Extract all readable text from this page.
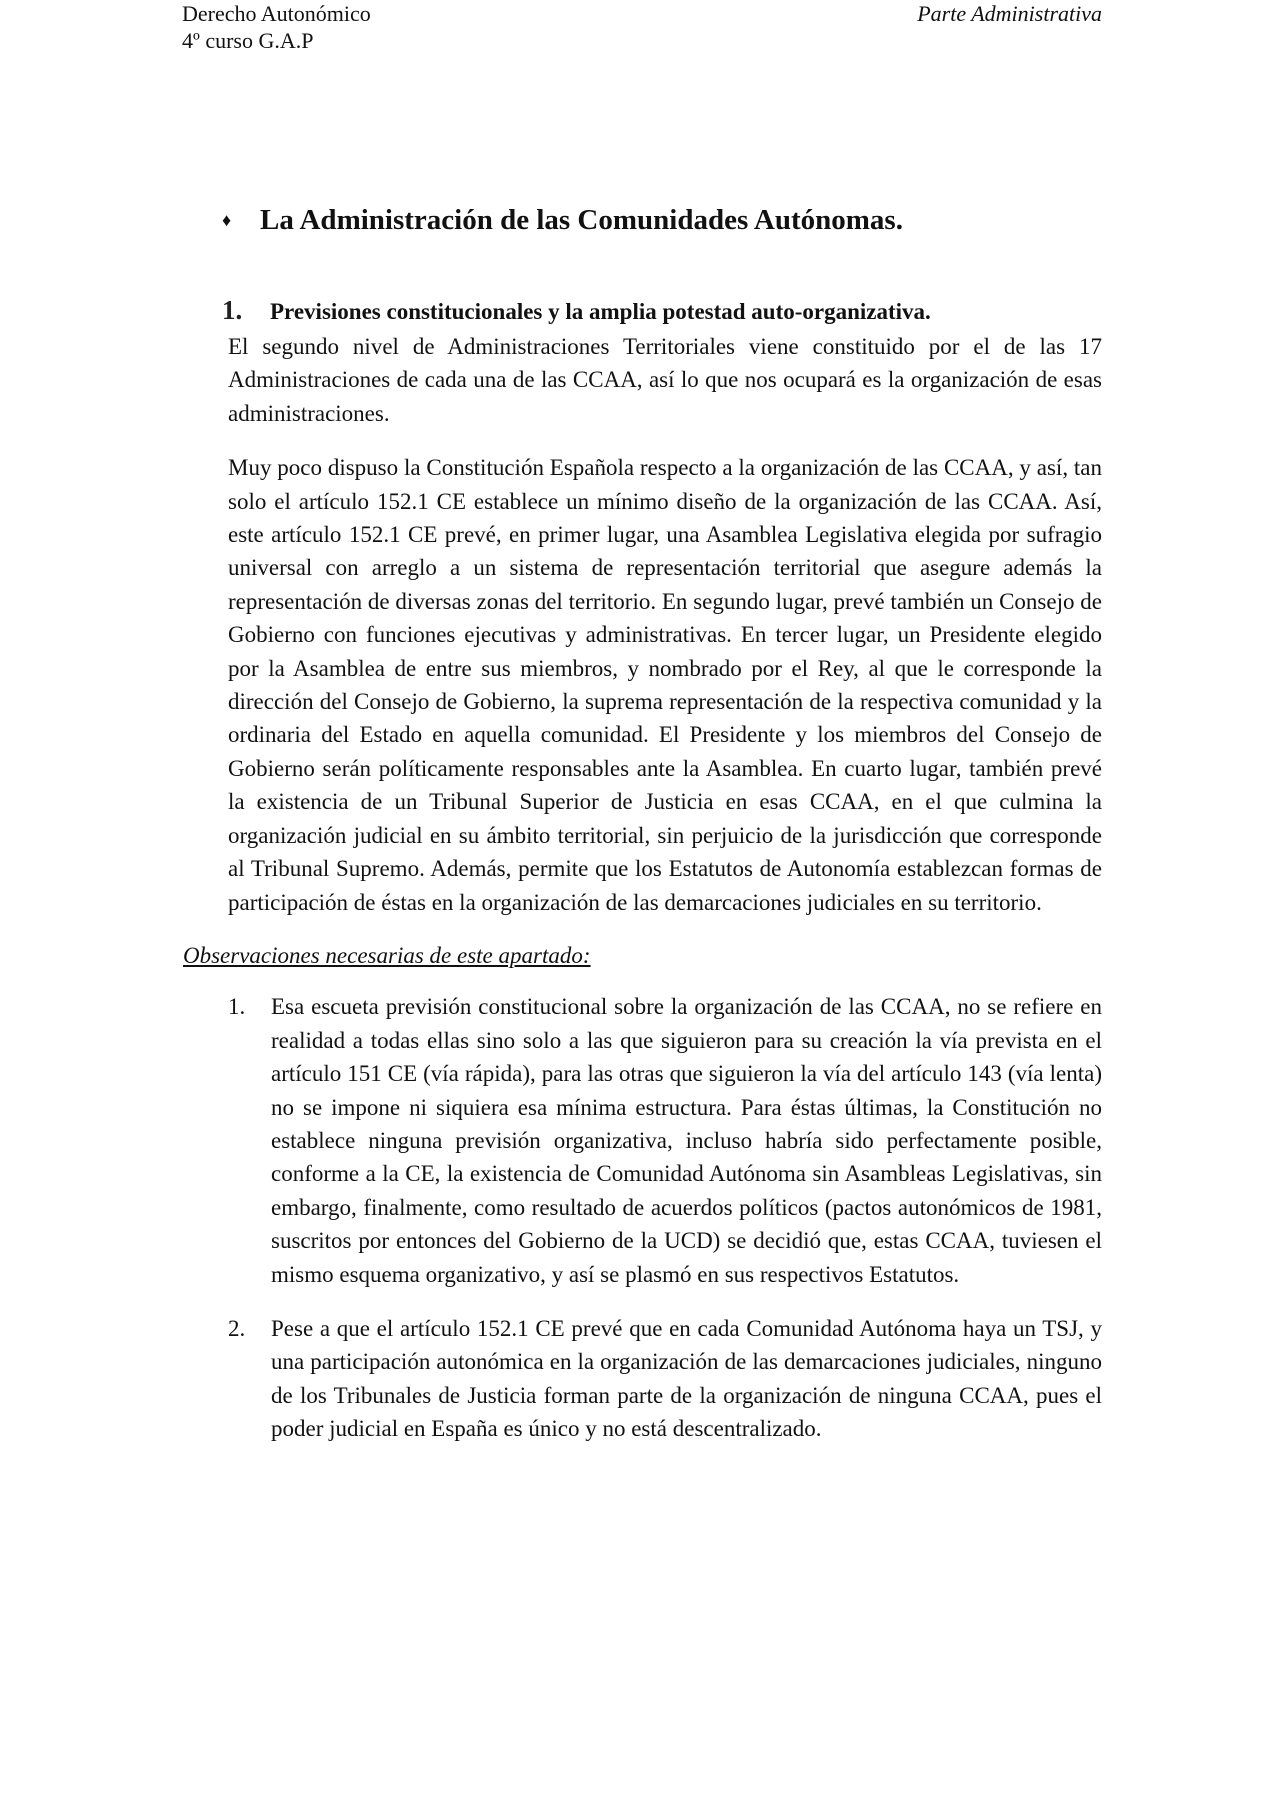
Derecho Autonómico
4º curso G.A.P
Parte Administrativa
♦ La Administración de las Comunidades Autónomas.
1. Previsiones constitucionales y la amplia potestad auto-organizativa.

El segundo nivel de Administraciones Territoriales viene constituido por el de las 17 Administraciones de cada una de las CCAA, así lo que nos ocupará es la organización de esas administraciones.

Muy poco dispuso la Constitución Española respecto a la organización de las CCAA, y así, tan solo el artículo 152.1 CE establece un mínimo diseño de la organización de las CCAA. Así, este artículo 152.1 CE prevé, en primer lugar, una Asamblea Legislativa elegida por sufragio universal con arreglo a un sistema de representación territorial que asegure además la representación de diversas zonas del territorio. En segundo lugar, prevé también un Consejo de Gobierno con funciones ejecutivas y administrativas. En tercer lugar, un Presidente elegido por la Asamblea de entre sus miembros, y nombrado por el Rey, al que le corresponde la dirección del Consejo de Gobierno, la suprema representación de la respectiva comunidad y la ordinaria del Estado en aquella comunidad. El Presidente y los miembros del Consejo de Gobierno serán políticamente responsables ante la Asamblea. En cuarto lugar, también prevé la existencia de un Tribunal Superior de Justicia en esas CCAA, en el que culmina la organización judicial en su ámbito territorial, sin perjuicio de la jurisdicción que corresponde al Tribunal Supremo. Además, permite que los Estatutos de Autonomía establezcan formas de participación de éstas en la organización de las demarcaciones judiciales en su territorio.

Observaciones necesarias de este apartado:
1. Esa escueta previsión constitucional sobre la organización de las CCAA, no se refiere en realidad a todas ellas sino solo a las que siguieron para su creación la vía prevista en el artículo 151 CE (vía rápida), para las otras que siguieron la vía del artículo 143 (vía lenta) no se impone ni siquiera esa mínima estructura. Para éstas últimas, la Constitución no establece ninguna previsión organizativa, incluso habría sido perfectamente posible, conforme a la CE, la existencia de Comunidad Autónoma sin Asambleas Legislativas, sin embargo, finalmente, como resultado de acuerdos políticos (pactos autonómicos de 1981, suscritos por entonces del Gobierno de la UCD) se decidió que, estas CCAA, tuviesen el mismo esquema organizativo, y así se plasmó en sus respectivos Estatutos.
2. Pese a que el artículo 152.1 CE prevé que en cada Comunidad Autónoma haya un TSJ, y una participación autonómica en la organización de las demarcaciones judiciales, ninguno de los Tribunales de Justicia forman parte de la organización de ninguna CCAA, pues el poder judicial en España es único y no está descentralizado.
